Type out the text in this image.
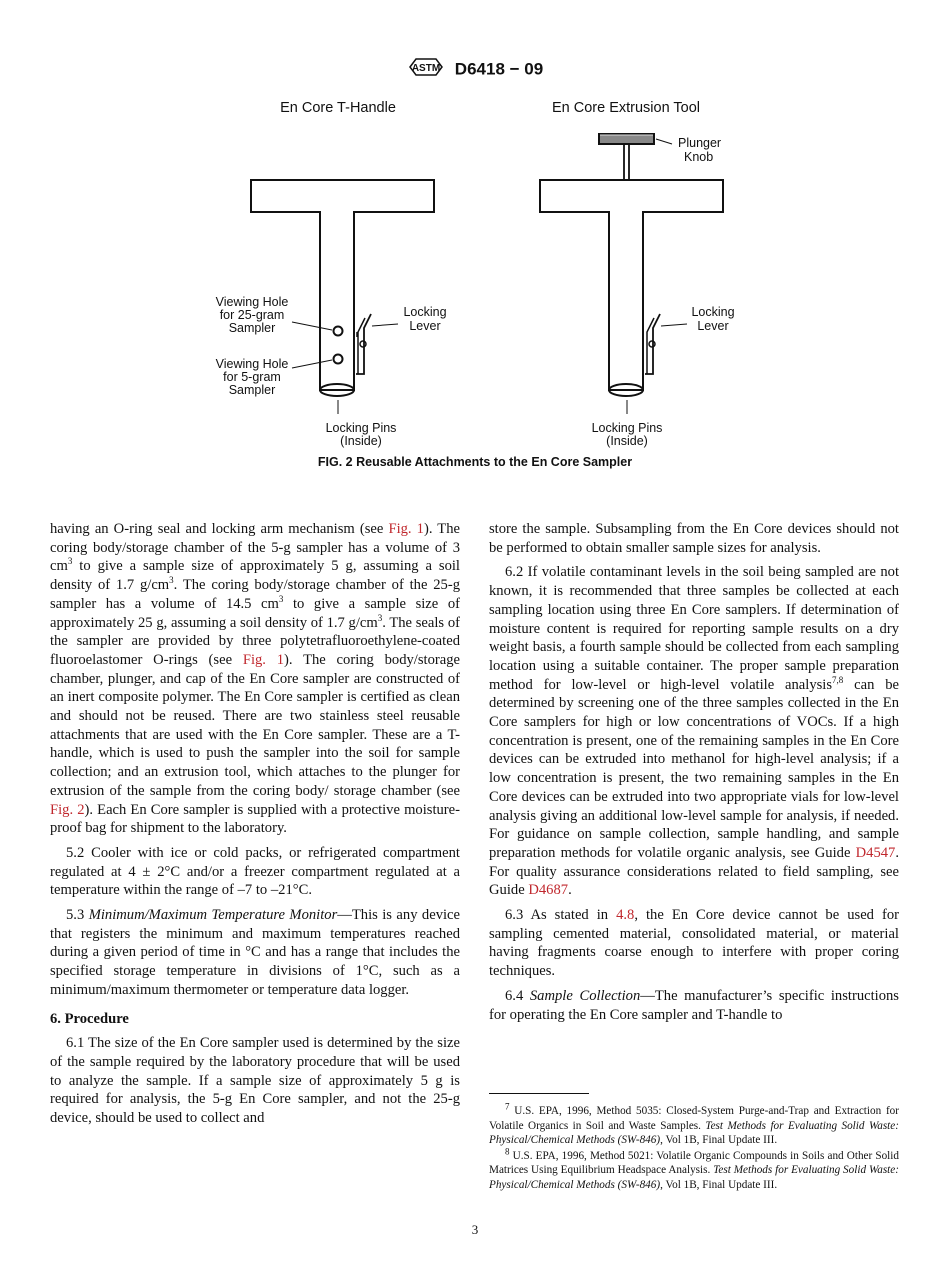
ASTM D6418 − 09
En Core T-Handle	En Core Extrusion Tool
Plunger
Knob
Viewing Hole
for 25-gram
Sampler
Viewing Hole
for 5-gram
Sampler
Locking
Lever
Locking
Lever
Locking Pins
(Inside)
Locking Pins
(Inside)
FIG. 2 Reusable Attachments to the En Core Sampler

having an O-ring seal and locking arm mechanism (see Fig. 1). The coring body/storage chamber of the 5-g sampler has a volume of 3 $cm^3$ to give a sample size of approximately 5 g, assuming a soil density of 1.7 $g/cm^3$. The coring body/storage chamber of the 25-g sampler has a volume of 14.5 $cm^3$ to give a sample size of approximately 25 g, assuming a soil density of 1.7 $g/cm^3$. The seals of the sampler are provided by three polytetrafluoroethylene-coated fluoroelastomer O-rings (see Fig. 1). The coring body/storage chamber, plunger, and cap of the En Core sampler are constructed of an inert composite polymer. The En Core sampler is certified as clean and should not be reused. There are two stainless steel reusable attachments that are used with the En Core sampler. These are a T-handle, which is used to push the sampler into the soil for sample collection; and an extrusion tool, which attaches to the plunger for extrusion of the sample from the coring body/ storage chamber (see Fig. 2). Each En Core sampler is supplied with a protective moisture-proof bag for shipment to the laboratory.

5.2 Cooler with ice or cold packs, or refrigerated compartment regulated at 4 ± 2°C and/or a freezer compartment regulated at a temperature within the range of –7 to –21°C.

5.3 Minimum/Maximum Temperature Monitor—This is any device that registers the minimum and maximum temperatures reached during a given period of time in °C and has a range that includes the specified storage temperature in divisions of 1°C, such as a minimum/maximum thermometer or temperature data logger.

6. Procedure

6.1 The size of the En Core sampler used is determined by the size of the sample required by the laboratory procedure that will be used to analyze the sample. If a sample size of approximately 5 g is required for analysis, the 5-g En Core sampler, and not the 25-g device, should be used to collect and

store the sample. Subsampling from the En Core devices should not be performed to obtain smaller sample sizes for analysis.

6.2 If volatile contaminant levels in the soil being sampled are not known, it is recommended that three samples be collected at each sampling location using three En Core samplers. If determination of moisture content is required for reporting sample results on a dry weight basis, a fourth sample should be collected from each sampling location using a suitable container. The proper sample preparation method for low-level or high-level volatile analysis$^{7,8}$ can be determined by screening one of the three samples collected in the En Core samplers for high or low concentrations of VOCs. If a high concentration is present, one of the remaining samples in the En Core devices can be extruded into methanol for high-level analysis; if a low concentration is present, the two remaining samples in the En Core devices can be extruded into two appropriate vials for low-level analysis giving an additional low-level sample for analysis, if needed. For guidance on sample collection, sample handling, and sample preparation methods for volatile organic analysis, see Guide D4547. For quality assurance considerations related to field sampling, see Guide D4687.

6.3 As stated in 4.8, the En Core device cannot be used for sampling cemented material, consolidated material, or material having fragments coarse enough to interfere with proper coring techniques.

6.4 Sample Collection—The manufacturer’s specific instructions for operating the En Core sampler and T-handle to

$^7$ U.S. EPA, 1996, Method 5035: Closed-System Purge-and-Trap and Extraction for Volatile Organics in Soil and Waste Samples. Test Methods for Evaluating Solid Waste: Physical/Chemical Methods (SW-846), Vol 1B, Final Update III.

$^8$ U.S. EPA, 1996, Method 5021: Volatile Organic Compounds in Soils and Other Solid Matrices Using Equilibrium Headspace Analysis. Test Methods for Evaluating Solid Waste: Physical/Chemical Methods (SW-846), Vol 1B, Final Update III.

3
